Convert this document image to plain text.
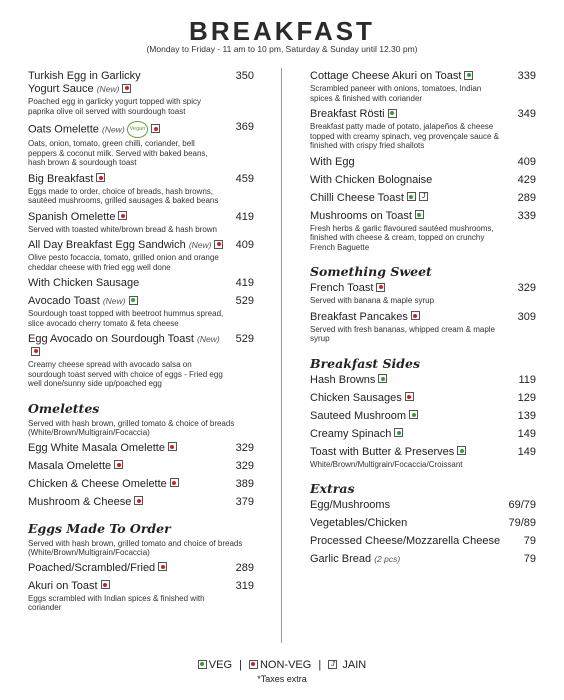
BREAKFAST
(Monday to Friday - 11 am to 10 pm, Saturday & Sunday until 12.30 pm)
Turkish Egg in Garlicky
Yogurt Sauce (New)
350
Poached egg in garlicky yogurt topped with spicy paprika olive oil served with sourdough toast
Oats Omelette (New) Vegan	369
Oats, onion, tomato, green chilli, coriander, bell peppers & coconut milk. Served with baked beans, hash brown & sourdough toast
Big Breakfast	459
Eggs made to order, choice of breads, hash browns, sautéed mushrooms, grilled sausages & baked beans
Spanish Omelette	419
Served with toasted white/brown bread & hash brown
All Day Breakfast Egg Sandwich (New)	409
Olive pesto focaccia, tomato, grilled onion and orange cheddar cheese with fried egg well done
With Chicken Sausage	419
Avocado Toast (New)	529
Sourdough toast topped with beetroot hummus spread, slice avocado cherry tomato & feta cheese
Egg Avocado on Sourdough Toast (New)	529
Creamy cheese spread with avocado salsa on sourdough toast served with choice of eggs - Fried egg well done/sunny side up/poached egg
Omelettes
Served with hash brown, grilled tomato & choice of breads (White/Brown/Multigrain/Focaccia)
Egg White Masala Omelette	329
Masala Omelette	329
Chicken & Cheese Omelette	389
Mushroom & Cheese	379
Eggs Made To Order
Served with hash brown, grilled tomato and choice of breads (White/Brown/Multigrain/Focaccia)
Poached/Scrambled/Fried	289
Akuri on Toast	319
Eggs scrambled with Indian spices & finished with coriander
Cottage Cheese Akuri on Toast	339
Scrambled paneer with onions, tomatoes, Indian spices & finished with coriander
Breakfast Rösti	349
Breakfast patty made of potato, jalapeños & cheese topped with creamy spinach, veg provençale sauce & finished with crispy fried shallots
With Egg	409
With Chicken Bolognaise	429
Chilli Cheese Toast	J	289
Mushrooms on Toast	339
Fresh herbs & garlic flavoured sautéed mushrooms, finished with cheese & cream, topped on crunchy French Baguette
Something Sweet
French Toast	329
Served with banana & maple syrup
Breakfast Pancakes	309
Served with fresh bananas, whipped cream & maple syrup
Breakfast Sides
Hash Browns	119
Chicken Sausages	129
Sauteed Mushroom	139
Creamy Spinach	149
Toast with Butter & Preserves	149
White/Brown/Multigrain/Focaccia/Croissant
Extras
Egg/Mushrooms	69/79
Vegetables/Chicken	79/89
Processed Cheese/Mozzarella Cheese	79
Garlic Bread (2 pcs)	79
VEG | NON-VEG | J JAIN
*Taxes extra
